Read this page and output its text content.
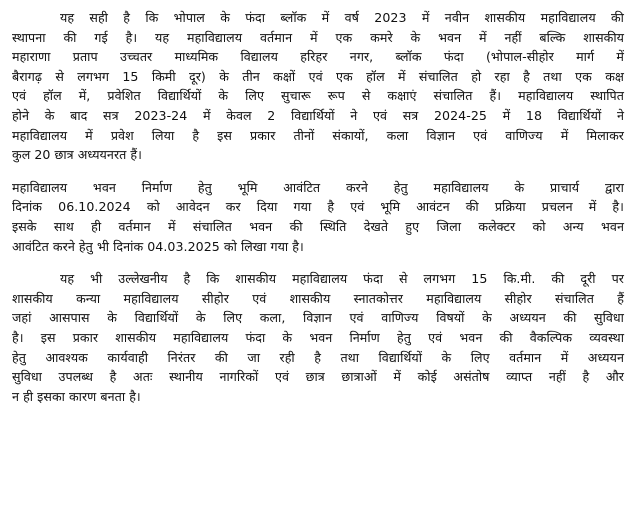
यह सही है कि भोपाल के फंदा ब्लॉक में वर्ष 2023 में नवीन शासकीय महाविद्यालय की
स्थापना की गई है। यह महाविद्यालय वर्तमान में एक कमरे के भवन में नहीं बल्कि शासकीय
महाराणा प्रताप उच्चतर माध्यमिक विद्यालय हरिहर नगर, ब्लॉक फंदा (भोपाल-सीहोर मार्ग में
बैरागढ़ से लगभग 15 किमी दूर) के तीन कक्षों एवं एक हॉल में संचालित हो रहा है तथा एक कक्ष
एवं हॉल में, प्रवेशित विद्यार्थियों के लिए सुचारू रूप से कक्षाएं संचालित हैं। महाविद्यालय स्थापित
होने के बाद सत्र 2023-24 में केवल 2 विद्यार्थियों ने एवं सत्र 2024-25 में 18 विद्यार्थियों ने
महाविद्यालय में प्रवेश लिया है इस प्रकार तीनों संकायों, कला विज्ञान एवं वाणिज्य में मिलाकर
कुल 20 छात्र अध्ययनरत हैं।
महाविद्यालय भवन निर्माण हेतु भूमि आवंटित करने हेतु महाविद्यालय के प्राचार्य द्वारा
दिनांक 06.10.2024 को आवेदन कर दिया गया है एवं भूमि आवंटन की प्रक्रिया प्रचलन में है।
इसके साथ ही वर्तमान में संचालित भवन की स्थिति देखते हुए जिला कलेक्टर को अन्य भवन
आवंटित करने हेतु भी दिनांक 04.03.2025 को लिखा गया है।
यह भी उल्लेखनीय है कि शासकीय महाविद्यालय फंदा से लगभग 15 कि.मी. की दूरी पर
शासकीय कन्या महाविद्यालय सीहोर एवं शासकीय स्नातकोत्तर महाविद्यालय सीहोर संचालित हैं
जहां आसपास के विद्यार्थियों के लिए कला, विज्ञान एवं वाणिज्य विषयों के अध्ययन की सुविधा
है। इस प्रकार शासकीय महाविद्यालय फंदा के भवन निर्माण हेतु एवं भवन की वैकल्पिक व्यवस्था
हेतु आवश्यक कार्यवाही निरंतर की जा रही है तथा विद्यार्थियों के लिए वर्तमान में अध्ययन
सुविधा उपलब्ध है अतः स्थानीय नागरिकों एवं छात्र छात्राओं में कोई असंतोष व्याप्त नहीं है और
न ही इसका कारण बनता है।
